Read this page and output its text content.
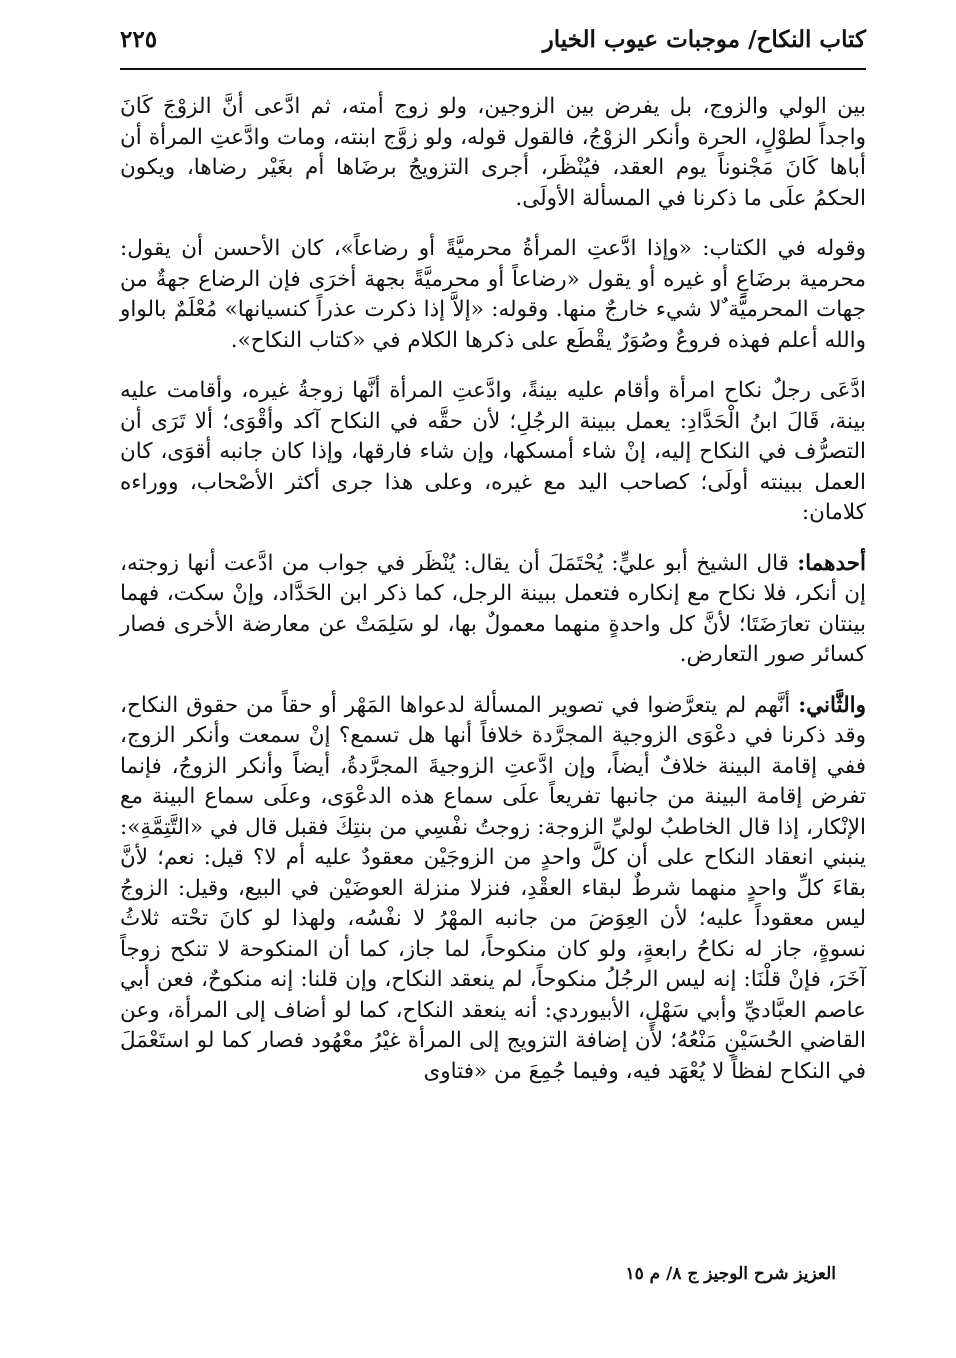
كتاب النكاح/ موجبات عيوب الخيار
٢٢٥

بين الولي والزوج، بل يفرض بين الزوجين، ولو زوج أمته، ثم ادَّعى أنَّ الزوْجَ كَانَ واجداً لطوْلٍ، الحرة وأنكر الزوْجُ، فالقول قوله، ولو زوَّج ابنته، ومات وادَّعتِ المرأة أن أباها كَانَ مَجْنوناً يوم العقد، فيُنْظَر، أجرى التزويجُ برضَاها أم بغَيْر رضاها، ويكون الحكمُ علَى ما ذكرنا في المسألة الأولَى.

وقوله في الكتاب: «وإذا ادَّعتِ المرأةُ محرميَّةً أو رضاعاً»، كان الأحسن أن يقول: محرمية برضَاعٍ أو غيره أو يقول «رضاعاً أو محرميَّةً بجهة أخرَى فإن الرضاع جهةٌ من جهات المحرميَّة ٌلا شيء خارجٌ منها. وقوله: «إلاَّ إذا ذكرت عذراً كنسيانها» مُعْلَمٌ بالواو والله أعلم فهذه فروعٌ وصُوَرٌ يقْطَع على ذكرها الكلام في «كتاب النكاح».

ادَّعَى رجلٌ نكاح امرأة وأقام عليه بينةً، وادَّعتِ المرأة أنَّها زوجةُ غيره، وأقامت عليه بينة، قَالَ ابنُ الْحَدَّادِ: يعمل ببينة الرجُلِ؛ لأن حقَّه في النكاح آكد وأقْوَى؛ ألا تَرَى أن التصرُّف في النكاح إليه، إنْ شاء أمسكها، وإن شاء فارقها، وإذا كان جانبه أقوَى، كان العمل ببينته أولَى؛ كصاحب اليد مع غيره، وعلى هذا جرى أكثر الأصْحاب، ووراءه كلامان:

أحدهما: قال الشيخ أبو عليٍّ: يُحْتَمَلَ أن يقال: يُنْظَر في جواب من ادَّعت أنها زوجته، إن أنكر، فلا نكاح مع إنكاره فتعمل ببينة الرجل، كما ذكر ابن الحَدَّاد، وإنْ سكت، فهما بينتان تعارَضَتَا؛ لأنَّ كل واحدةٍ منهما معمولٌ بها، لو سَلِمَتْ عن معارضة الأخرى فصار كسائر صور التعارض.

والثَّاني: أنَّهم لم يتعرَّضوا في تصوير المسألة لدعواها المَهْر أو حقاً من حقوق النكاح، وقد ذكرنا في دعْوَى الزوجية المجرَّدة خلافاً أنها هل تسمع؟ إنْ سمعت وأنكر الزوج، ففي إقامة البينة خلافٌ أيضاً، وإن ادَّعتِ الزوجيةَ المجرَّدةُ، أيضاً وأنكر الزوجُ، فإنما تفرض إقامة البينة من جانبها تفريعاً علَى سماع هذه الدعْوَى، وعلَى سماع البينة مع الإنْكار، إذا قال الخاطبُ لوليِّ الزوجة: زوجتُ نفْسِي من بنتِكَ فقبل قال في «التَّتِمَّةِ»: ينبني انعقاد النكاح على أن كلَّ واحدٍ من الزوجَيْن معقودٌ عليه أم لا؟ قيل: نعم؛ لأنَّ بقاءَ كلِّ واحدٍ منهما شرطٌ لبقاء العقْدِ، فنزلا منزلة العوضَيْن في البيع، وقيل: الزوجُ ليس معقوداً عليه؛ لأن العِوَضَ من جانبه المهْرُ لا نفْسُه، ولهذا لو كانَ تحْته ثلاثُ نسوةٍ، جاز له نكاحُ رابعةٍ، ولو كان منكوحاً، لما جاز، كما أن المنكوحة لا تنكح زوجاً آخَرَ، فإنْ قلْنَا: إنه ليس الرجُلُ منكوحاً، لم ينعقد النكاح، وإن قلنا: إنه منكوحٌ، فعن أبي عاصم العبَّاديِّ وأبي سَهْلٍ، الأبيوردي: أنه ينعقد النكاح، كما لو أضاف إلى المرأة، وعن القاضي الحُسَيْنِ مَنْعُهُ؛ لأن إضافة التزويج إلى المرأة غيْرُ معْهُود فصار كما لو استَعْمَلَ في النكاح لفظاً لا يُعْهَد فيه، وفيما جُمِعَ من «فتاوى

العزيز شرح الوجيز ج ٨/ م ١٥
